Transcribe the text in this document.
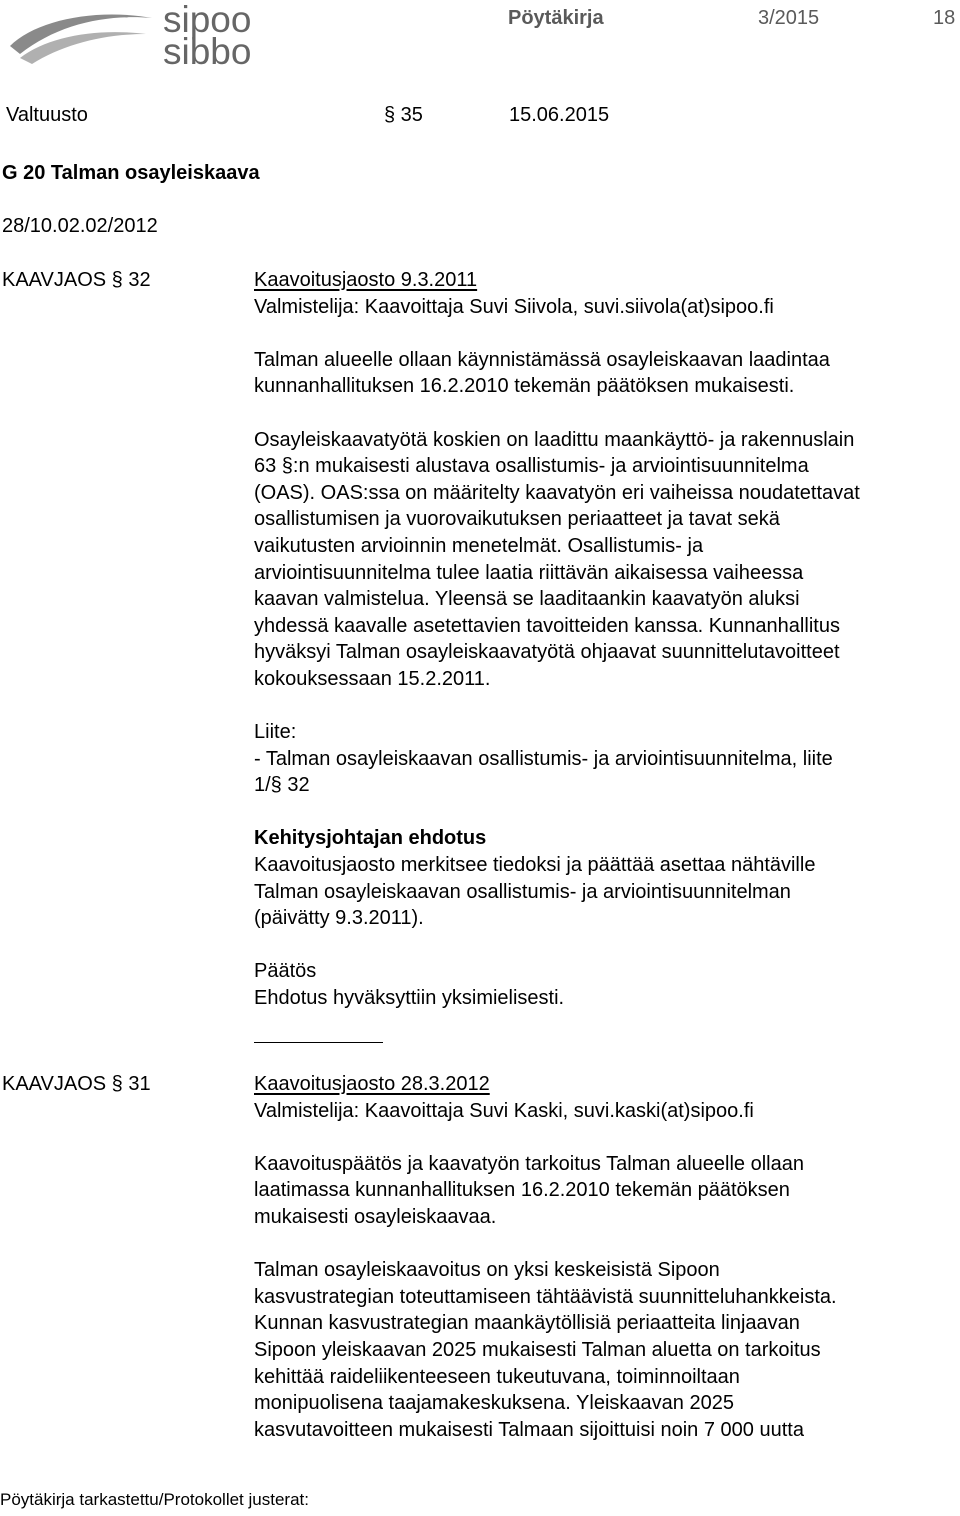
sipoo
sibbo
Pöytäkirja	3/2015	18
Valtuusto	§ 35	15.06.2015
G 20 Talman osayleiskaava
28/10.02.02/2012
KAAVJAOS § 32	Kaavoitusjaosto 9.3.2011

Valmistelija: Kaavoittaja Suvi Siivola, suvi.siivola(at)sipoo.fi

Talman alueelle ollaan käynnistämässä osayleiskaavan laadintaa

kunnanhallituksen 16.2.2010 tekemän päätöksen mukaisesti.

Osayleiskaavatyötä koskien on laadittu maankäyttö- ja rakennuslain

63 §:n mukaisesti alustava osallistumis- ja arviointisuunnitelma

(OAS). OAS:ssa on määritelty kaavatyön eri vaiheissa noudatettavat

osallistumisen ja vuorovaikutuksen periaatteet ja tavat sekä

vaikutusten arvioinnin menetelmät. Osallistumis- ja

arviointisuunnitelma tulee laatia riittävän aikaisessa vaiheessa

kaavan valmistelua. Yleensä se laaditaankin kaavatyön aluksi

yhdessä kaavalle asetettavien tavoitteiden kanssa. Kunnanhallitus

hyväksyi Talman osayleiskaavatyötä ohjaavat suunnittelutavoitteet

kokouksessaan 15.2.2011.

Liite:

- Talman osayleiskaavan osallistumis- ja arviointisuunnitelma, liite

1/§ 32

Kehitysjohtajan ehdotus

Kaavoitusjaosto merkitsee tiedoksi ja päättää asettaa nähtäville

Talman osayleiskaavan osallistumis- ja arviointisuunnitelman

(päivätty 9.3.2011).

Päätös

Ehdotus hyväksyttiin yksimielisesti.

KAAVJAOS § 31	Kaavoitusjaosto 28.3.2012

Valmistelija: Kaavoittaja Suvi Kaski, suvi.kaski(at)sipoo.fi

Kaavoituspäätös ja kaavatyön tarkoitus Talman alueelle ollaan

laatimassa kunnanhallituksen 16.2.2010 tekemän päätöksen

mukaisesti osayleiskaavaa.

Talman osayleiskaavoitus on yksi keskeisistä Sipoon

kasvustrategian toteuttamiseen tähtäävistä suunnitteluhankkeista.

Kunnan kasvustrategian maankäytöllisiä periaatteita linjaavan

Sipoon yleiskaavan 2025 mukaisesti Talman aluetta on tarkoitus

kehittää raideliikenteeseen tukeutuvana, toiminnoiltaan

monipuolisena taajamakeskuksena. Yleiskaavan 2025

kasvutavoitteen mukaisesti Talmaan sijoittuisi noin 7 000 uutta

Pöytäkirja tarkastettu/Protokollet justerat:
